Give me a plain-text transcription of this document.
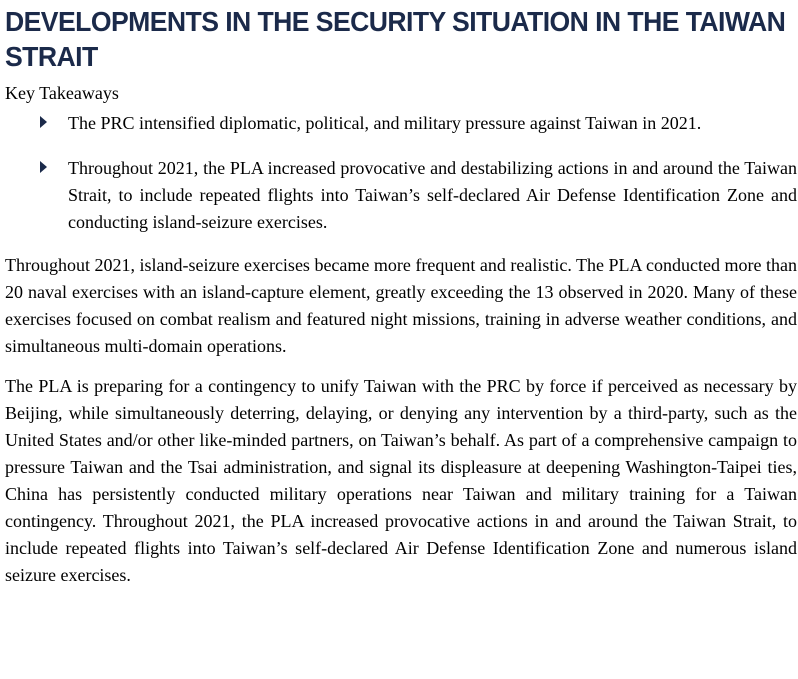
DEVELOPMENTS IN THE SECURITY SITUATION IN THE TAIWAN STRAIT
Key Takeaways

The PRC intensified diplomatic, political, and military pressure against Taiwan in 2021.

Throughout 2021, the PLA increased provocative and destabilizing actions in and around the Taiwan Strait, to include repeated flights into Taiwan’s self-declared Air Defense Identification Zone and conducting island-seizure exercises.

Throughout 2021, island-seizure exercises became more frequent and realistic. The PLA conducted more than 20 naval exercises with an island-capture element, greatly exceeding the 13 observed in 2020. Many of these exercises focused on combat realism and featured night missions, training in adverse weather conditions, and simultaneous multi-domain operations.

The PLA is preparing for a contingency to unify Taiwan with the PRC by force if perceived as necessary by Beijing, while simultaneously deterring, delaying, or denying any intervention by a third-party, such as the United States and/or other like-minded partners, on Taiwan’s behalf. As part of a comprehensive campaign to pressure Taiwan and the Tsai administration, and signal its displeasure at deepening Washington-Taipei ties, China has persistently conducted military operations near Taiwan and military training for a Taiwan contingency. Throughout 2021, the PLA increased provocative actions in and around the Taiwan Strait, to include repeated flights into Taiwan’s self-declared Air Defense Identification Zone and numerous island seizure exercises.
